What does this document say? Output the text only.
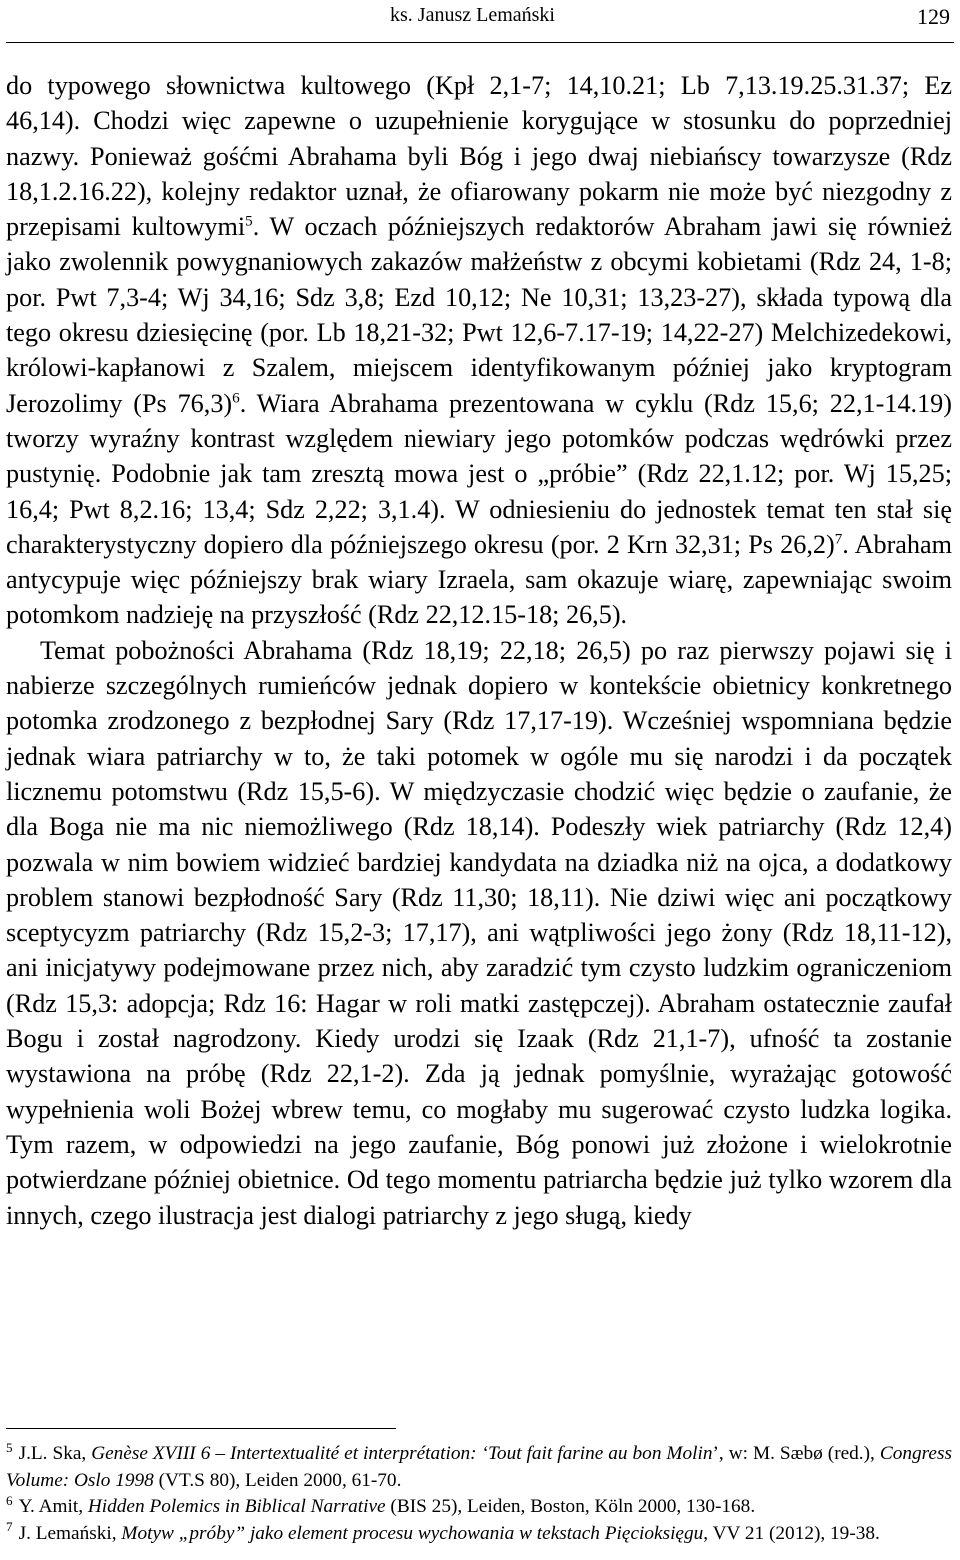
ks. Janusz Lemański	129

do typowego słownictwa kultowego (Kpł 2,1-7; 14,10.21; Lb 7,13.19.25.31.37; Ez 46,14). Chodzi więc zapewne o uzupełnienie korygujące w stosunku do poprzedniej nazwy. Ponieważ gośćmi Abrahama byli Bóg i jego dwaj niebiańscy towarzysze (Rdz 18,1.2.16.22), kolejny redaktor uznał, że ofiarowany pokarm nie może być niezgodny z przepisami kultowymi$^5$. W oczach późniejszych redaktorów Abraham jawi się również jako zwolennik powygnaniowych zakazów małżeństw z obcymi kobietami (Rdz 24, 1-8; por. Pwt 7,3-4; Wj 34,16; Sdz 3,8; Ezd 10,12; Ne 10,31; 13,23-27), składa typową dla tego okresu dziesięcinę (por. Lb 18,21-32; Pwt 12,6-7.17-19; 14,22-27) Melchizedekowi, królowi-kapłanowi z Szalem, miejscem identyfikowanym później jako kryptogram Jerozolimy (Ps 76,3)$^6$. Wiara Abrahama prezentowana w cyklu (Rdz 15,6; 22,1-14.19) tworzy wyraźny kontrast względem niewiary jego potomków podczas wędrówki przez pustynię. Podobnie jak tam zresztą mowa jest o „próbie” (Rdz 22,1.12; por. Wj 15,25; 16,4; Pwt 8,2.16; 13,4; Sdz 2,22; 3,1.4). W odniesieniu do jednostek temat ten stał się charakterystyczny dopiero dla późniejszego okresu (por. 2 Krn 32,31; Ps 26,2)$^7$. Abraham antycypuje więc późniejszy brak wiary Izraela, sam okazuje wiarę, zapewniając swoim potomkom nadzieję na przyszłość (Rdz 22,12.15-18; 26,5).

Temat pobożności Abrahama (Rdz 18,19; 22,18; 26,5) po raz pierwszy pojawi się i nabierze szczególnych rumieńców jednak dopiero w kontekście obietnicy konkretnego potomka zrodzonego z bezpłodnej Sary (Rdz 17,17-19). Wcześniej wspomniana będzie jednak wiara patriarchy w to, że taki potomek w ogóle mu się narodzi i da początek licznemu potomstwu (Rdz 15,5-6). W międzyczasie chodzić więc będzie o zaufanie, że dla Boga nie ma nic niemożliwego (Rdz 18,14). Podeszły wiek patriarchy (Rdz 12,4) pozwala w nim bowiem widzieć bardziej kandydata na dziadka niż na ojca, a dodatkowy problem stanowi bezpłodność Sary (Rdz 11,30; 18,11). Nie dziwi więc ani początkowy sceptycyzm patriarchy (Rdz 15,2-3; 17,17), ani wątpliwości jego żony (Rdz 18,11-12), ani inicjatywy podejmowane przez nich, aby zaradzić tym czysto ludzkim ograniczeniom (Rdz 15,3: adopcja; Rdz 16: Hagar w roli matki zastępczej). Abraham ostatecznie zaufał Bogu i został nagrodzony. Kiedy urodzi się Izaak (Rdz 21,1-7), ufność ta zostanie wystawiona na próbę (Rdz 22,1-2). Zda ją jednak pomyślnie, wyrażając gotowość wypełnienia woli Bożej wbrew temu, co mogłaby mu sugerować czysto ludzka logika. Tym razem, w odpowiedzi na jego zaufanie, Bóg ponowi już złożone i wielokrotnie potwierdzane później obietnice. Od tego momentu patriarcha będzie już tylko wzorem dla innych, czego ilustracja jest dialogi patriarchy z jego sługą, kiedy

$^5$ J.L. Ska, Genèse XVIII 6 – Intertextualité et interprétation: ‘Tout fait farine au bon Molin’, w: M. Sæbø (red.), Congress Volume: Oslo 1998 (VT.S 80), Leiden 2000, 61-70.

$^6$ Y. Amit, Hidden Polemics in Biblical Narrative (BIS 25), Leiden, Boston, Köln 2000, 130-168.

$^7$ J. Lemański, Motyw „próby” jako element procesu wychowania w tekstach Pięcioksięgu, VV 21 (2012), 19-38.
